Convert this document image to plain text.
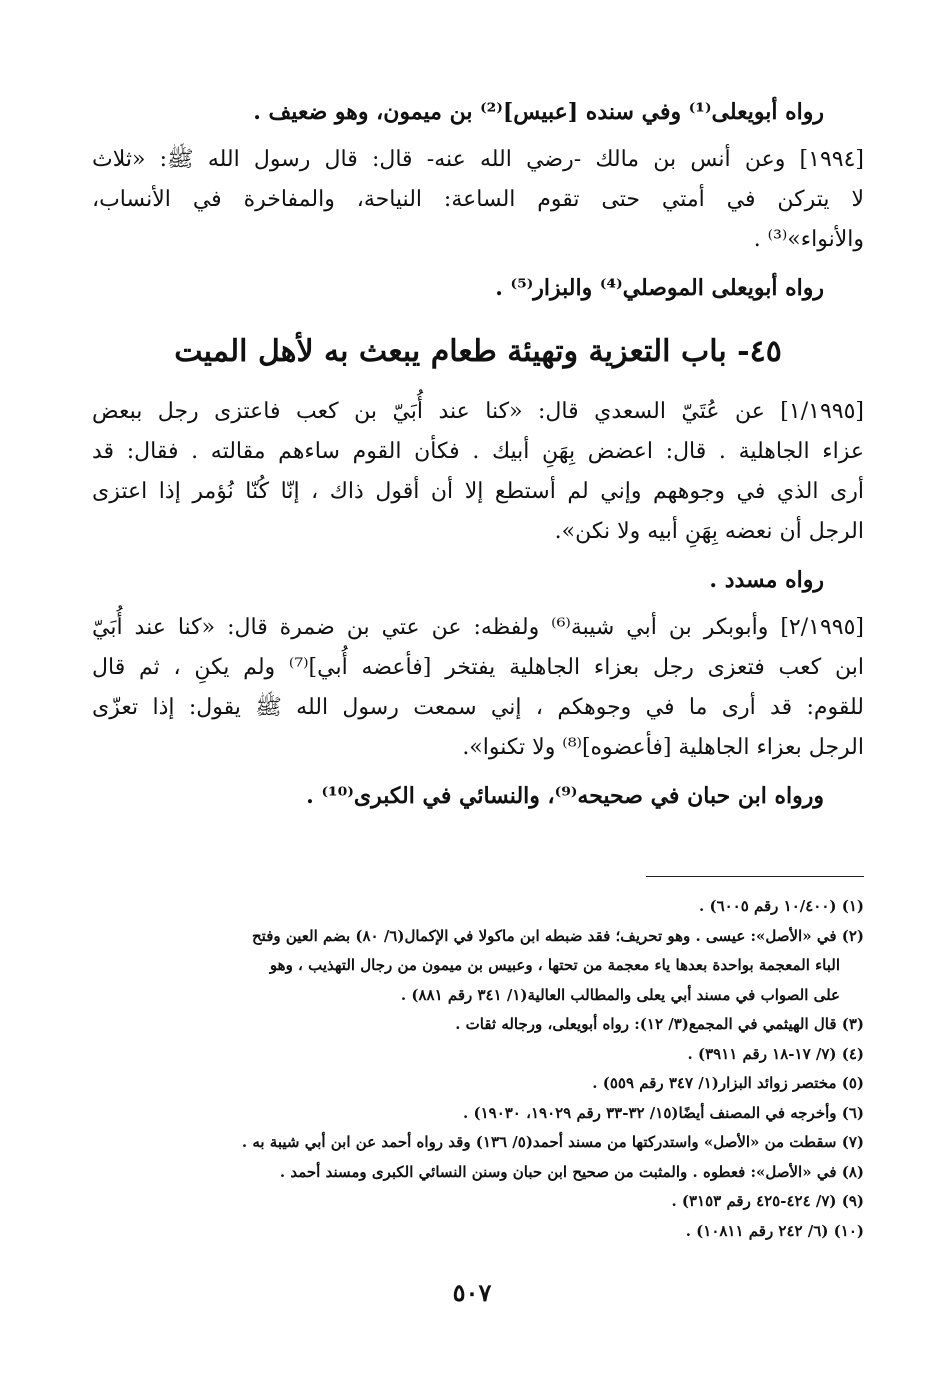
رواه أبويعلى⁽¹⁾ وفي سنده [عبيس]⁽²⁾ بن ميمون، وهو ضعيف .
[١٩٩٤] وعن أنس بن مالك -رضي الله عنه- قال: قال رسول الله ﷺ: «ثلاث
لا يتركن في أمتي حتى تقوم الساعة: النياحة، والمفاخرة في الأنساب،
والأنواء»⁽³⁾ .
رواه أبويعلى الموصلي⁽⁴⁾ والبزار⁽⁵⁾ .
٤٥- باب التعزية وتهيئة طعام يبعث به لأهل الميت
[١/١٩٩٥] عن عُتَيّ السعدي قال: «كنا عند أُبَيّ بن كعب فاعتزى رجل ببعض
عزاء الجاهلية . قال: اعضض بِهَنِ أبيك . فكأن القوم ساءهم مقالته . فقال: قد
أرى الذي في وجوههم وإني لم أستطع إلا أن أقول ذاك ، إنّا كُنّا نُؤمر إذا اعتزى
الرجل أن نعضه بِهَنِ أبيه ولا نكن».
رواه مسدد .
[٢/١٩٩٥] وأبوبكر بن أبي شيبة⁽⁶⁾ ولفظه: عن عتي بن ضمرة قال: «كنا عند أُبَيّ
ابن كعب فتعزى رجل بعزاء الجاهلية يفتخر [فأعضه أُبي]⁽⁷⁾ ولم يكنِ ، ثم قال
للقوم: قد أرى ما في وجوهكم ، إني سمعت رسول الله ﷺ يقول: إذا تعزّى
الرجل بعزاء الجاهلية [فأعضوه]⁽⁸⁾ ولا تكنوا».
ورواه ابن حبان في صحيحه⁽⁹⁾، والنسائي في الكبرى⁽¹⁰⁾ .
(١) (١٠/٤٠٠ رقم ٦٠٠٥) .
(٢) في «الأصل»: عيسى . وهو تحريف؛ فقد ضبطه ابن ماكولا في الإكمال(٦/ ٨٠) بضم العين وفتح
الباء المعجمة بواحدة بعدها ياء معجمة من تحتها ، وعبيس بن ميمون من رجال التهذيب ، وهو
على الصواب في مسند أبي يعلى والمطالب العالية(١/ ٣٤١ رقم ٨٨١) .
(٣) قال الهيثمي في المجمع(٣/ ١٢): رواه أبويعلى، ورجاله ثقات .
(٤) (٧/ ١٧-١٨ رقم ٣٩١١) .
(٥) مختصر زوائد البزار(١/ ٣٤٧ رقم ٥٥٩) .
(٦) وأخرجه في المصنف أيضًا(١٥/ ٣٢-٣٣ رقم ١٩٠٢٩، ١٩٠٣٠) .
(٧) سقطت من «الأصل» واستدركتها من مسند أحمد(٥/ ١٣٦) وقد رواه أحمد عن ابن أبي شيبة به .
(٨) في «الأصل»: فعطوه . والمثبت من صحيح ابن حبان وسنن النسائي الكبرى ومسند أحمد .
(٩) (٧/ ٤٢٤-٤٢٥ رقم ٣١٥٣) .
(١٠) (٦/ ٢٤٢ رقم ١٠٨١١) .
٥٠٧
